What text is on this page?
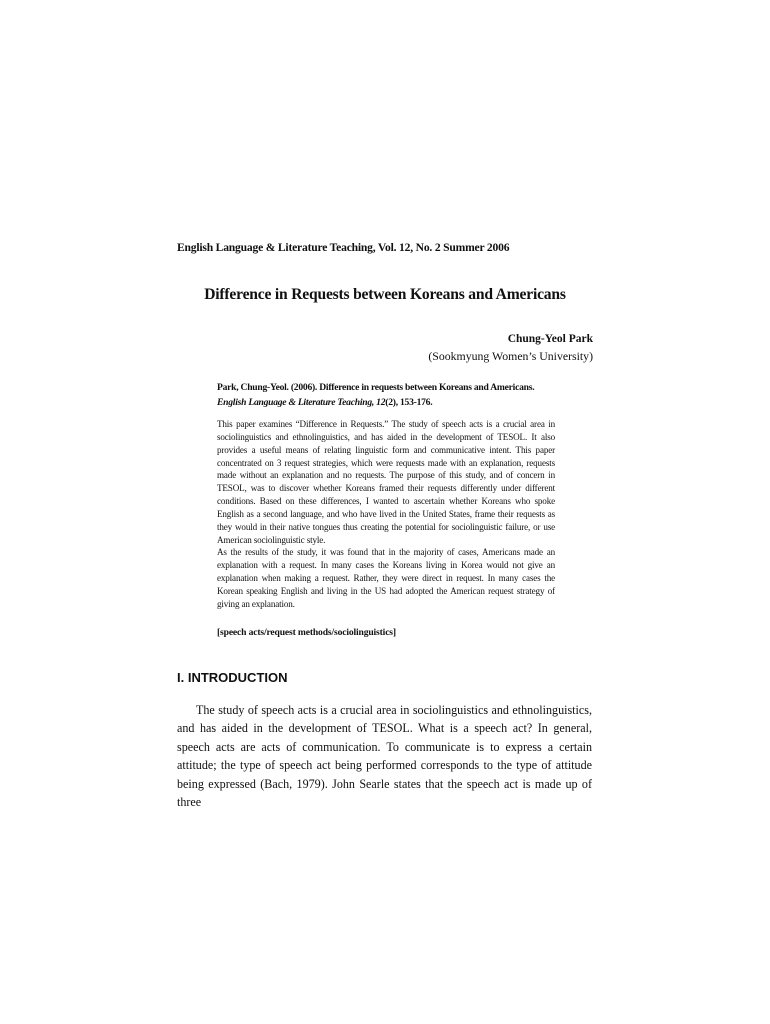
English Language & Literature Teaching, Vol. 12, No. 2 Summer 2006
Difference in Requests between Koreans and Americans
Chung-Yeol Park
(Sookmyung Women’s University)
Park, Chung-Yeol. (2006). Difference in requests between Koreans and Americans.
English Language & Literature Teaching, 12(2), 153-176.

This paper examines “Difference in Requests.” The study of speech acts is a crucial area in sociolinguistics and ethnolinguistics, and has aided in the development of TESOL. It also provides a useful means of relating linguistic form and communicative intent. This paper concentrated on 3 request strategies, which were requests made with an explanation, requests made without an explanation and no requests. The purpose of this study, and of concern in TESOL, was to discover whether Koreans framed their requests differently under different conditions. Based on these differences, I wanted to ascertain whether Koreans who spoke English as a second language, and who have lived in the United States, frame their requests as they would in their native tongues thus creating the potential for sociolinguistic failure, or use American sociolinguistic style.

As the results of the study, it was found that in the majority of cases, Americans made an explanation with a request. In many cases the Koreans living in Korea would not give an explanation when making a request. Rather, they were direct in request. In many cases the Korean speaking English and living in the US had adopted the American request strategy of giving an explanation.

[speech acts/request methods/sociolinguistics]
I. INTRODUCTION

The study of speech acts is a crucial area in sociolinguistics and ethnolinguistics, and has aided in the development of TESOL. What is a speech act? In general, speech acts are acts of communication. To communicate is to express a certain attitude; the type of speech act being performed corresponds to the type of attitude being expressed (Bach, 1979). John Searle states that the speech act is made up of three
